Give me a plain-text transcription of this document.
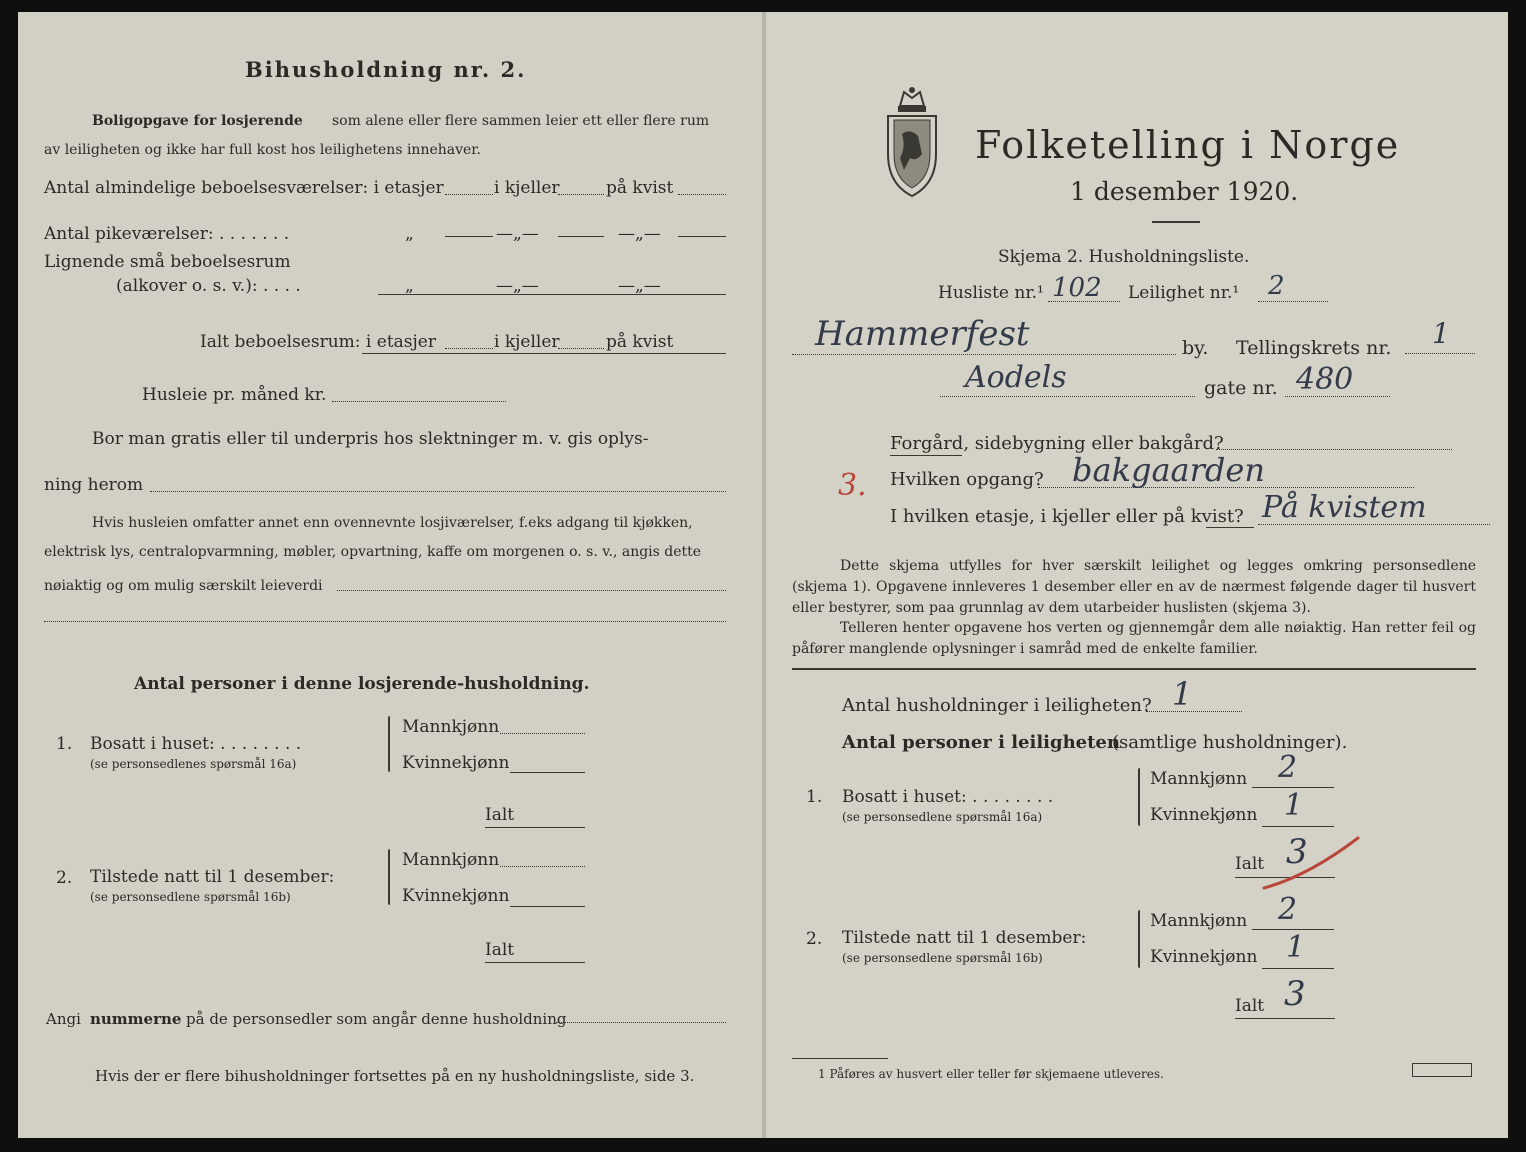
Bihusholdning nr. 2.
Boligopgave for losjerende som alene eller flere sammen leier ett eller flere rum
av leiligheten og ikke har full kost hos leilighetens innehaver.
Antal almindelige beboelsesværelser: i etasjer	i kjeller	på kvist
Antal pikeværelser: . . . . . . .	„	—„—	—„—
Lignende små beboelsesrum
(alkover o. s. v.): . . . .	„	—„—	—„—
Ialt beboelsesrum: i etasjer	i kjeller	på kvist
Husleie pr. måned kr.
Bor man gratis eller til underpris hos slektninger m. v. gis oplys-
ning herom
Hvis husleien omfatter annet enn ovennevnte losjiværelser, f.eks adgang til kjøkken,
elektrisk lys, centralopvarmning, møbler, opvartning, kaffe om morgenen o. s. v., angis dette
nøiaktig og om mulig særskilt leieverdi
Antal personer i denne losjerende-husholdning.
1. Bosatt i huset: . . . . . . . .
(se personsedlenes spørsmål 16a)
Mannkjønn
Kvinnekjønn
Ialt
2. Tilstede natt til 1 desember:
(se personsedlene spørsmål 16b)
Mannkjønn
Kvinnekjønn
Ialt
Angi nummerne på de personsedler som angår denne husholdning
Hvis der er flere bihusholdninger fortsettes på en ny husholdningsliste, side 3.
Folketelling i Norge
1 desember 1920.
Skjema 2. Husholdningsliste.
Husliste nr.¹ 102 Leilighet nr.¹ 2
Hammerfest	by. Tellingskrets nr. 1
Aodels	gate nr. 480
Forgård, sidebygning eller bakgård?
3. Hvilken opgang? bakgaarden
I hvilken etasje, i kjeller eller på kvist? På kvistem
Dette skjema utfylles for hver særskilt leilighet og legges omkring personsedlene (skjema 1). Opgavene innleveres 1 desember eller en av de nærmest følgende dager til husvert eller bestyrer, som paa grunnlag av dem utarbeider huslisten (skjema 3).
Telleren henter opgavene hos verten og gjennemgår dem alle nøiaktig. Han retter feil og påfører manglende oplysninger i samråd med de enkelte familier.
Antal husholdninger i leiligheten? 1
Antal personer i leiligheten
(samtlige husholdninger).
1. Bosatt i huset: . . . . . . . .
(se personsedlene spørsmål 16a)
Mannkjønn 2
Kvinnekjønn 1
Ialt 3
2. Tilstede natt til 1 desember:
(se personsedlene spørsmål 16b)
Mannkjønn 2
Kvinnekjønn 1
Ialt 3
1 Påføres av husvert eller teller før skjemaene utleveres.
